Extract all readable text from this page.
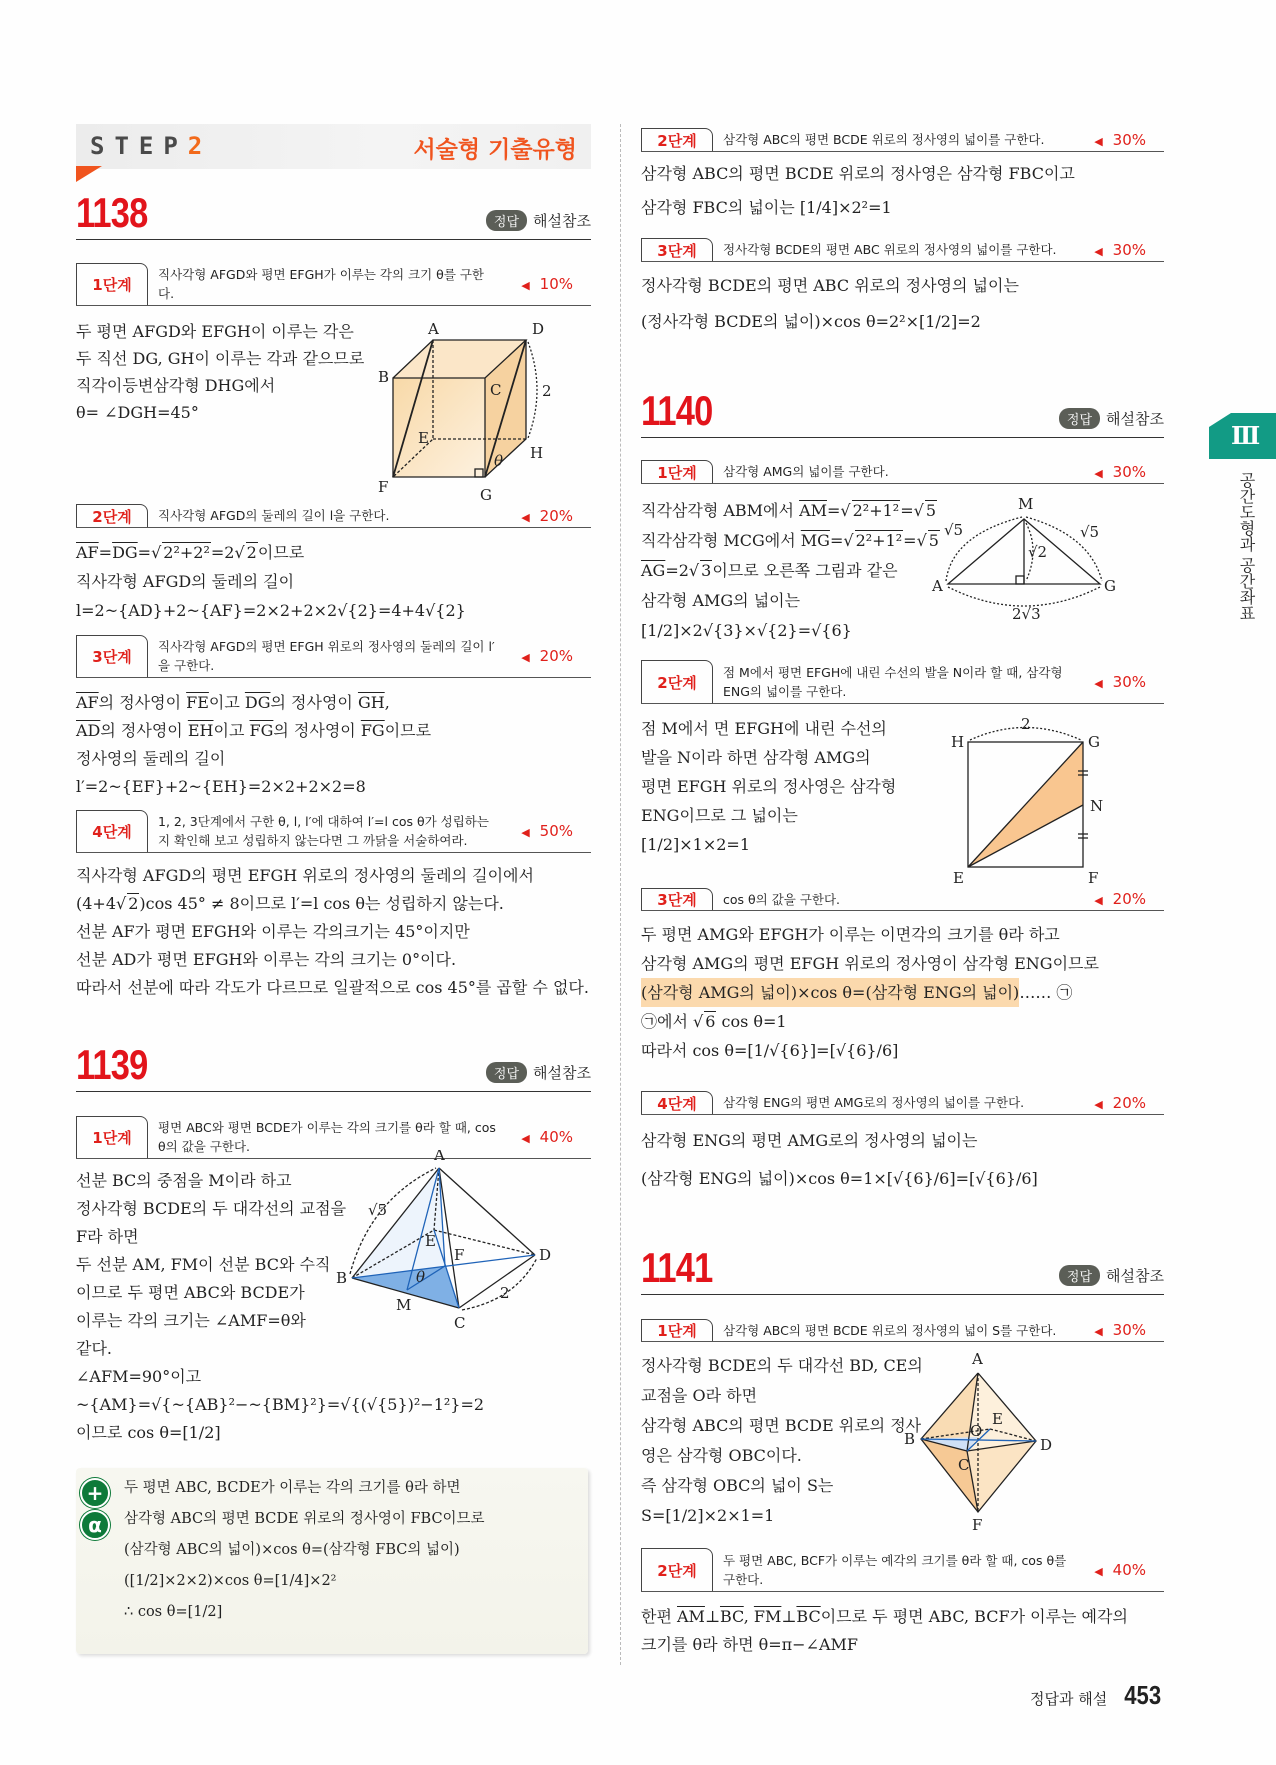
STEP2	서술형 기출유형
1138	정답 해설참조
1단계
직사각형 AFGD와 평면 EFGH가 이루는 각의 크기 θ를 구한다.
◀ 10%
두 평면 AFGD와 EFGH이 이루는 각은
두 직선 DG, GH이 이루는 각과 같으므로
직각이등변삼각형 DHG에서
θ= ∠DGH=45°
A
B
C
D
E
F	G
H
2
θ
2단계	직사각형 AFGD의 둘레의 길이 l을 구한다.	◀ 20%
$\overline{AF}=\overline{DG}=√$ 2²+2²=2√ 2이므로
직사각형 AFGD의 둘레의 길이
l=2~{AD}+2~{AF}=2×2+2×2√{2}=4+4√{2}
3단계
직사각형 AFGD의 평면 EFGH 위로의 정사영의 둘레의 길이 l′을 구한다.
◀ 20%
$\overline{AF}$의 정사영이 $\overline{FE}$이고 $\overline{DG}$의 정사영이 $\overline{GH}$,
$\overline{AD}$의 정사영이 $\overline{EH}$이고 $\overline{FG}$의 정사영이 $\overline{FG}$이므로
정사영의 둘레의 길이
l′=2~{EF}+2~{EH}=2×2+2×2=8
4단계
1, 2, 3단계에서 구한 θ, l, l′에 대하여 l′=l cos θ가 성립하는지 확인해 보고 성립하지 않는다면 그 까닭을 서술하여라.
◀ 50%
직사각형 AFGD의 평면 EFGH 위로의 정사영의 둘레의 길이에서
(4+4√ 2)cos 45° ≠ 8이므로 l′=l cos θ는 성립하지 않는다.
선분 AF가 평면 EFGH와 이루는 각의크기는 45°이지만
선분 AD가 평면 EFGH와 이루는 각의 크기는 0°이다.
따라서 선분에 따라 각도가 다르므로 일괄적으로 cos 45°를 곱할 수 없다.
1139	정답 해설참조
1단계
평면 ABC와 평면 BCDE가 이루는 각의 크기를 θ라 할 때, cos θ의 값을 구한다.
◀ 40%
선분 BC의 중점을 M이라 하고
정사각형 BCDE의 두 대각선의 교점을
F라 하면
두 선분 AM, FM이 선분 BC와 수직
이므로 두 평면 ABC와 BCDE가
이루는 각의 크기는 ∠AMF=θ와
같다.
∠AFM=90°이고
~{AM}=√{~{AB}²−~{BM}²}=√{(√{5})²−1²}=2
이므로 cos θ=[1/2]
A
B
C
D
E
F
M
√5
2
θ
+
α
두 평면 ABC, BCDE가 이루는 각의 크기를 θ라 하면
삼각형 ABC의 평면 BCDE 위로의 정사영이 FBC이므로
(삼각형 ABC의 넓이)×cos θ=(삼각형 FBC의 넓이)
([1/2]×2×2)×cos θ=[1/4]×2²
∴ cos θ=[1/2]
2단계	삼각형 ABC의 평면 BCDE 위로의 정사영의 넓이를 구한다.	◀ 30%
삼각형 ABC의 평면 BCDE 위로의 정사영은 삼각형 FBC이고
삼각형 FBC의 넓이는 [1/4]×2²=1
3단계	정사각형 BCDE의 평면 ABC 위로의 정사영의 넓이를 구한다.	◀ 30%
정사각형 BCDE의 평면 ABC 위로의 정사영의 넓이는
(정사각형 BCDE의 넓이)×cos θ=2²×[1/2]=2
1140	정답 해설참조
1단계	삼각형 AMG의 넓이를 구한다.	◀ 30%
직각삼각형 ABM에서 $\overline{AM}=√$ 2²+1²=√ 5
직각삼각형 MCG에서 $\overline{MG}=√$ 2²+1²=√ 5
$\overline{AG}=2√$ 3이므로 오른쪽 그림과 같은
삼각형 AMG의 넓이는
[1/2]×2√{3}×√{2}=√{6}
M
A	G
√5	√5
√2
2√3
2단계
점 M에서 평면 EFGH에 내린 수선의 발을 N이라 할 때, 삼각형 ENG의 넓이를 구한다.
◀ 30%
점 M에서 면 EFGH에 내린 수선의
발을 N이라 하면 삼각형 AMG의
평면 EFGH 위로의 정사영은 삼각형
ENG이므로 그 넓이는
[1/2]×1×2=1
H	G
N
E	F
2
3단계	cos θ의 값을 구한다.	◀ 20%
두 평면 AMG와 EFGH가 이루는 이면각의 크기를 θ라 하고
삼각형 AMG의 평면 EFGH 위로의 정사영이 삼각형 ENG이므로
(삼각형 AMG의 넓이)×cos θ=(삼각형 ENG의 넓이) …… ㉠
㉠에서 √ 6 cos θ=1
따라서 cos θ=[1/√{6}]=[√{6}/6]
4단계	삼각형 ENG의 평면 AMG로의 정사영의 넓이를 구한다.	◀ 20%
삼각형 ENG의 평면 AMG로의 정사영의 넓이는
(삼각형 ENG의 넓이)×cos θ=1×[√{6}/6]=[√{6}/6]
1141	정답 해설참조
1단계	삼각형 ABC의 평면 BCDE 위로의 정사영의 넓이 S를 구한다.	◀ 30%
정사각형 BCDE의 두 대각선 BD, CE의
교점을 O라 하면
삼각형 ABC의 평면 BCDE 위로의 정사
영은 삼각형 OBC이다.
즉 삼각형 OBC의 넓이 S는
S=[1/2]×2×1=1
A
B
C
D
E
F
O
2단계
두 평면 ABC, BCF가 이루는 예각의 크기를 θ라 할 때, cos θ를 구한다.
◀ 40%
한편 $\overline{AM}\perp\overline{BC}$, $\overline{FM}\perp\overline{BC}$이므로 두 평면 ABC, BCF가 이루는 예각의
크기를 θ라 하면 θ=π−∠AMF
Ⅲ
공간도형과 공간좌표
정답과 해설 453
